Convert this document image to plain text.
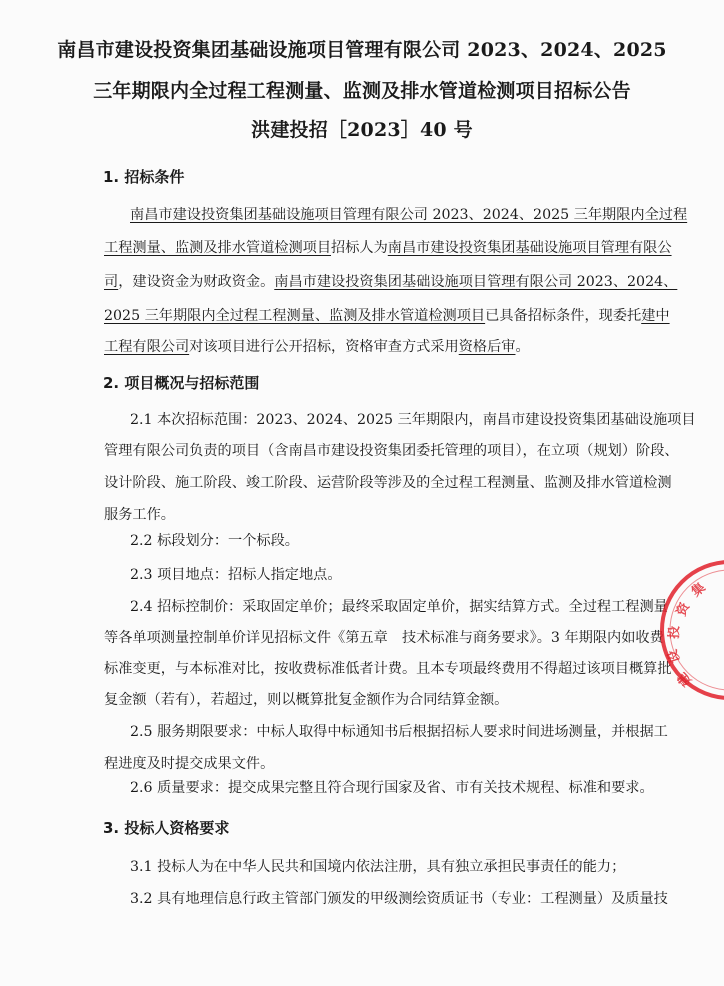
南昌市建设投资集团基础设施项目管理有限公司 2023、2024、2025
三年期限内全过程工程测量、监测及排水管道检测项目招标公告
洪建投招［2023］40 号
1. 招标条件
南昌市建设投资集团基础设施项目管理有限公司 2023、2024、2025 三年期限内全过程
工程测量、监测及排水管道检测项目招标人为南昌市建设投资集团基础设施项目管理有限公
司，建设资金为财政资金。南昌市建设投资集团基础设施项目管理有限公司 2023、2024、
2025 三年期限内全过程工程测量、监测及排水管道检测项目已具备招标条件，现委托建中
工程有限公司对该项目进行公开招标，资格审查方式采用资格后审。
2. 项目概况与招标范围
2.1 本次招标范围：2023、2024、2025 三年期限内，南昌市建设投资集团基础设施项目
管理有限公司负责的项目（含南昌市建设投资集团委托管理的项目），在立项（规划）阶段、
设计阶段、施工阶段、竣工阶段、运营阶段等涉及的全过程工程测量、监测及排水管道检测
服务工作。
2.2 标段划分：一个标段。
2.3 项目地点：招标人指定地点。
2.4 招标控制价：采取固定单价；最终采取固定单价，据实结算方式。全过程工程测量
等各单项测量控制单价详见招标文件《第五章　技术标准与商务要求》。3 年期限内如收费
标准变更，与本标准对比，按收费标准低者计费。且本专项最终费用不得超过该项目概算批
复金额（若有），若超过，则以概算批复金额作为合同结算金额。
2.5 服务期限要求：中标人取得中标通知书后根据招标人要求时间进场测量，并根据工
程进度及时提交成果文件。
2.6 质量要求：提交成果完整且符合现行国家及省、市有关技术规程、标准和要求。
3. 投标人资格要求
3.1 投标人为在中华人民共和国境内依法注册，具有独立承担民事责任的能力；
3.2 具有地理信息行政主管部门颁发的甲级测绘资质证书（专业：工程测量）及质量技
集
资
投
设
建
